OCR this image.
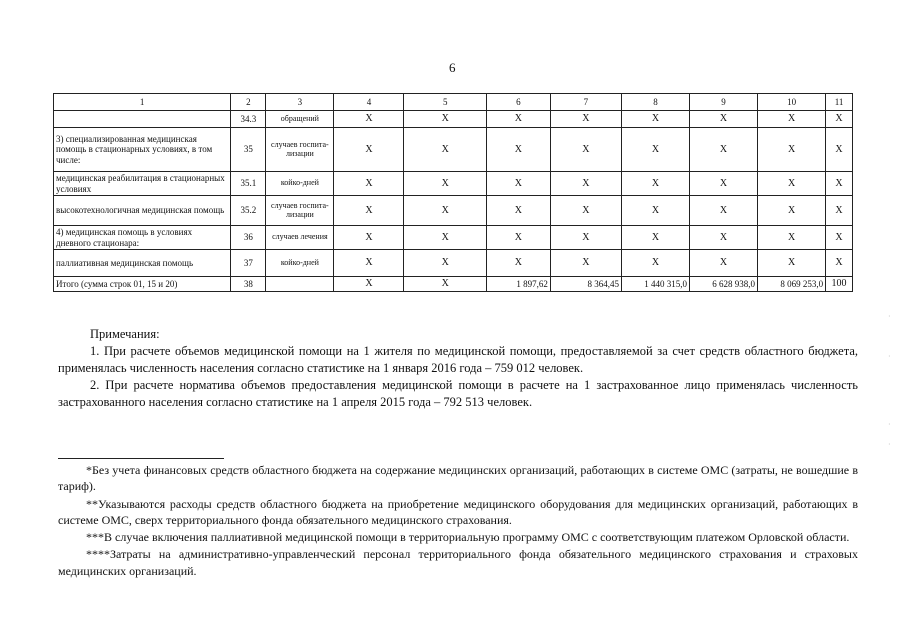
6
1	2	3	4	5	6	7	8	9	10	11
	34.3	обращений	Х	Х	Х	Х	Х	Х	Х	Х
3) специализированная медицинская помощь в стационарных условиях, в том числе:	35	случаев госпита-лизации	Х	Х	Х	Х	Х	Х	Х	Х
медицинская реабилитация в стационарных условиях	35.1	койко-дней	Х	Х	Х	Х	Х	Х	Х	Х
высокотехнологичная медицинская помощь	35.2	случаев госпита-лизации	Х	Х	Х	Х	Х	Х	Х	Х
4) медицинская помощь в условиях дневного стационара:	36	случаев лечения	Х	Х	Х	Х	Х	Х	Х	Х
паллиативная медицинская помощь	37	койко-дней	Х	Х	Х	Х	Х	Х	Х	Х
Итого (сумма строк 01, 15 и 20)	38		Х	Х	1 897,62	8 364,45	1 440 315,0	6 628 938,0	8 069 253,0	100

Примечания:

1. При расчете объемов медицинской помощи на 1 жителя по медицинской помощи, предоставляемой за счет средств областного бюджета, применялась численность населения согласно статистике на 1 января 2016 года – 759 012 человек.

2. При расчете норматива объемов предоставления медицинской помощи в расчете на 1 застрахованное лицо применялась численность застрахованного населения согласно статистике на 1 апреля 2015 года – 792 513 человек.

*Без учета финансовых средств областного бюджета на содержание медицинских организаций, работающих в системе ОМС (затраты, не вошедшие в тариф).

**Указываются расходы средств областного бюджета на приобретение медицинского оборудования для медицинских организаций, работающих в системе ОМС, сверх территориального фонда обязательного медицинского страхования.

***В случае включения паллиативной медицинской помощи в территориальную программу ОМС с соответствующим платежом Орловской области.

****Затраты на административно-управленческий персонал территориального фонда обязательного медицинского страхования и страховых медицинских организаций.

·
·
·
·
